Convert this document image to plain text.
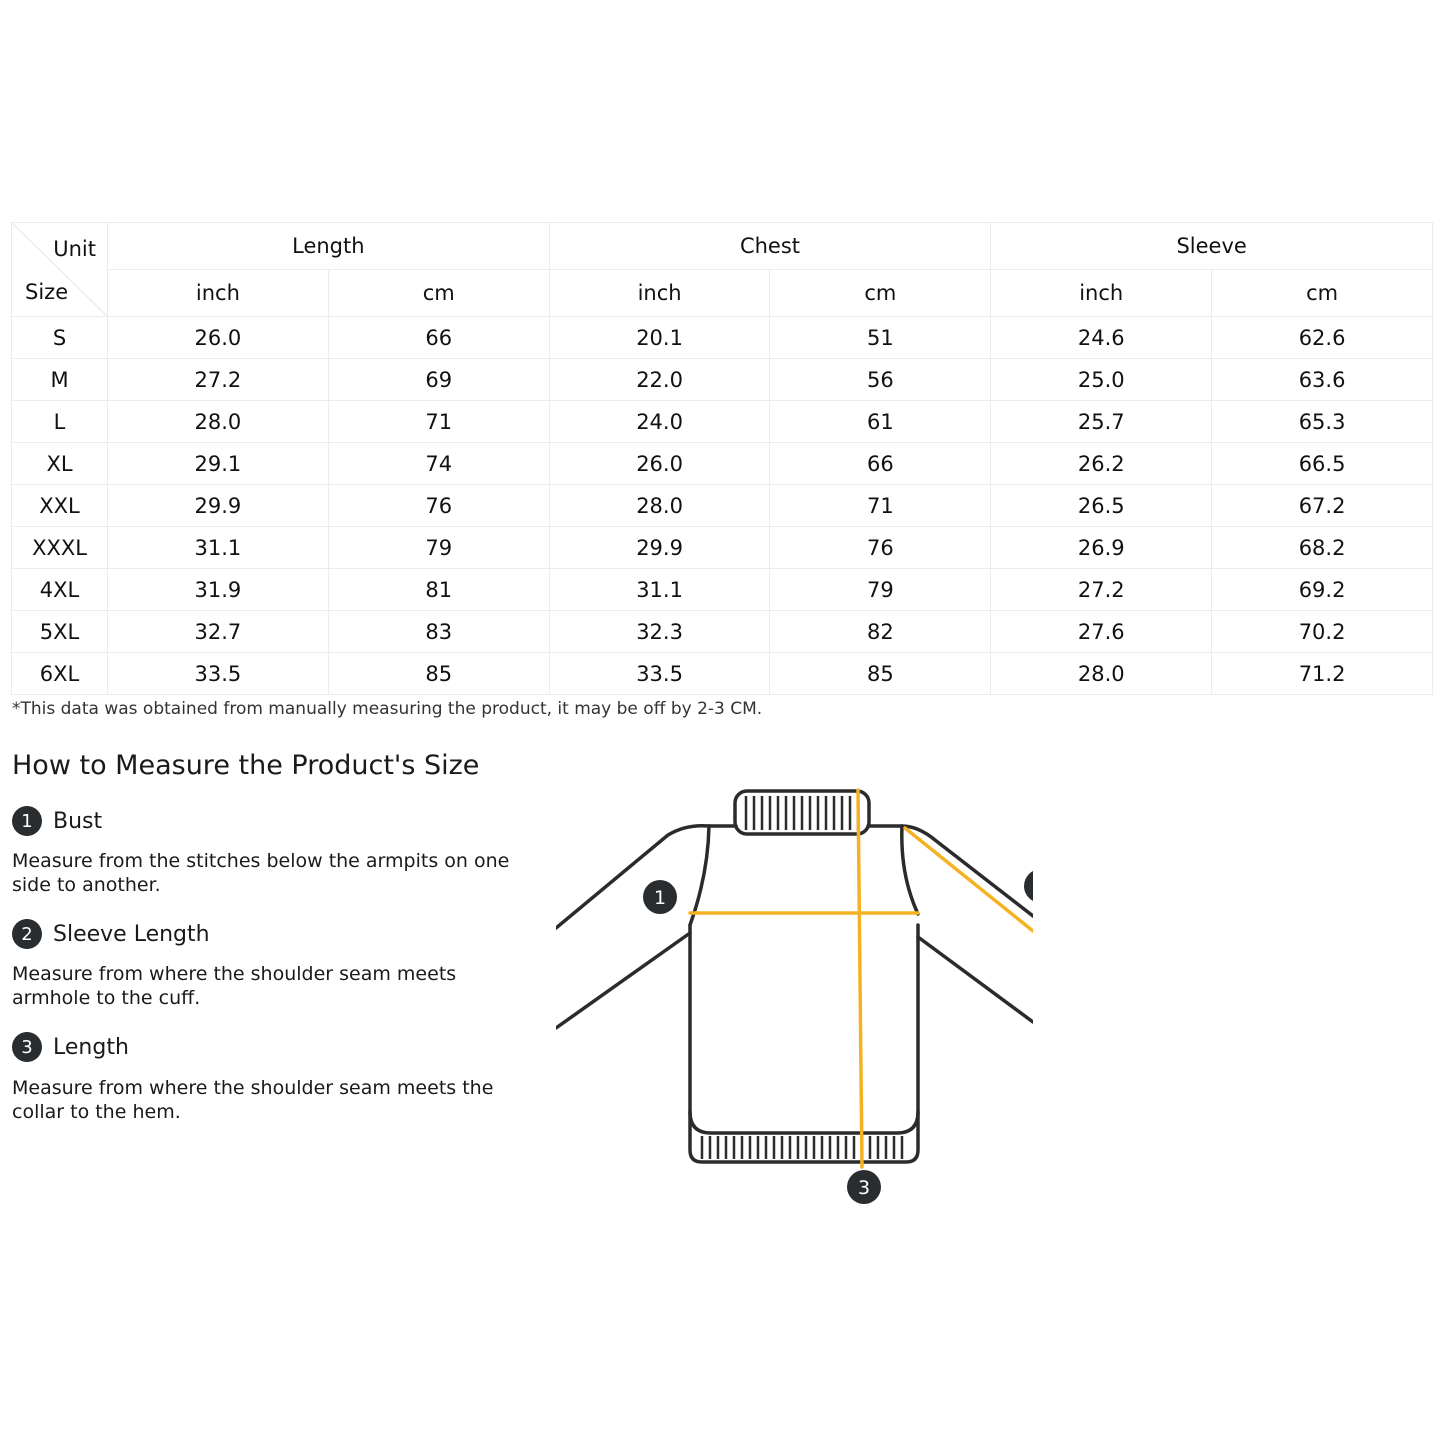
Unit
Size	Length		Chest		Sleeve	
	inch	cm	inch	cm	inch	cm
S	26.0	66	20.1	51	24.6	62.6
M	27.2	69	22.0	56	25.0	63.6
L	28.0	71	24.0	61	25.7	65.3
XL	29.1	74	26.0	66	26.2	66.5
XXL	29.9	76	28.0	71	26.5	67.2
XXXL	31.1	79	29.9	76	26.9	68.2
4XL	31.9	81	31.1	79	27.2	69.2
5XL	32.7	83	32.3	82	27.6	70.2
6XL	33.5	85	33.5	85	28.0	71.2
*This data was obtained from manually measuring the product, it may be off by 2-3 CM.
How to Measure the Product's Size
1 Bust
Measure from the stitches below the armpits on one side to another.
2 Sleeve Length
Measure from where the shoulder seam meets armhole to the cuff.
3 Length
Measure from where the shoulder seam meets the collar to the hem.
1
3
